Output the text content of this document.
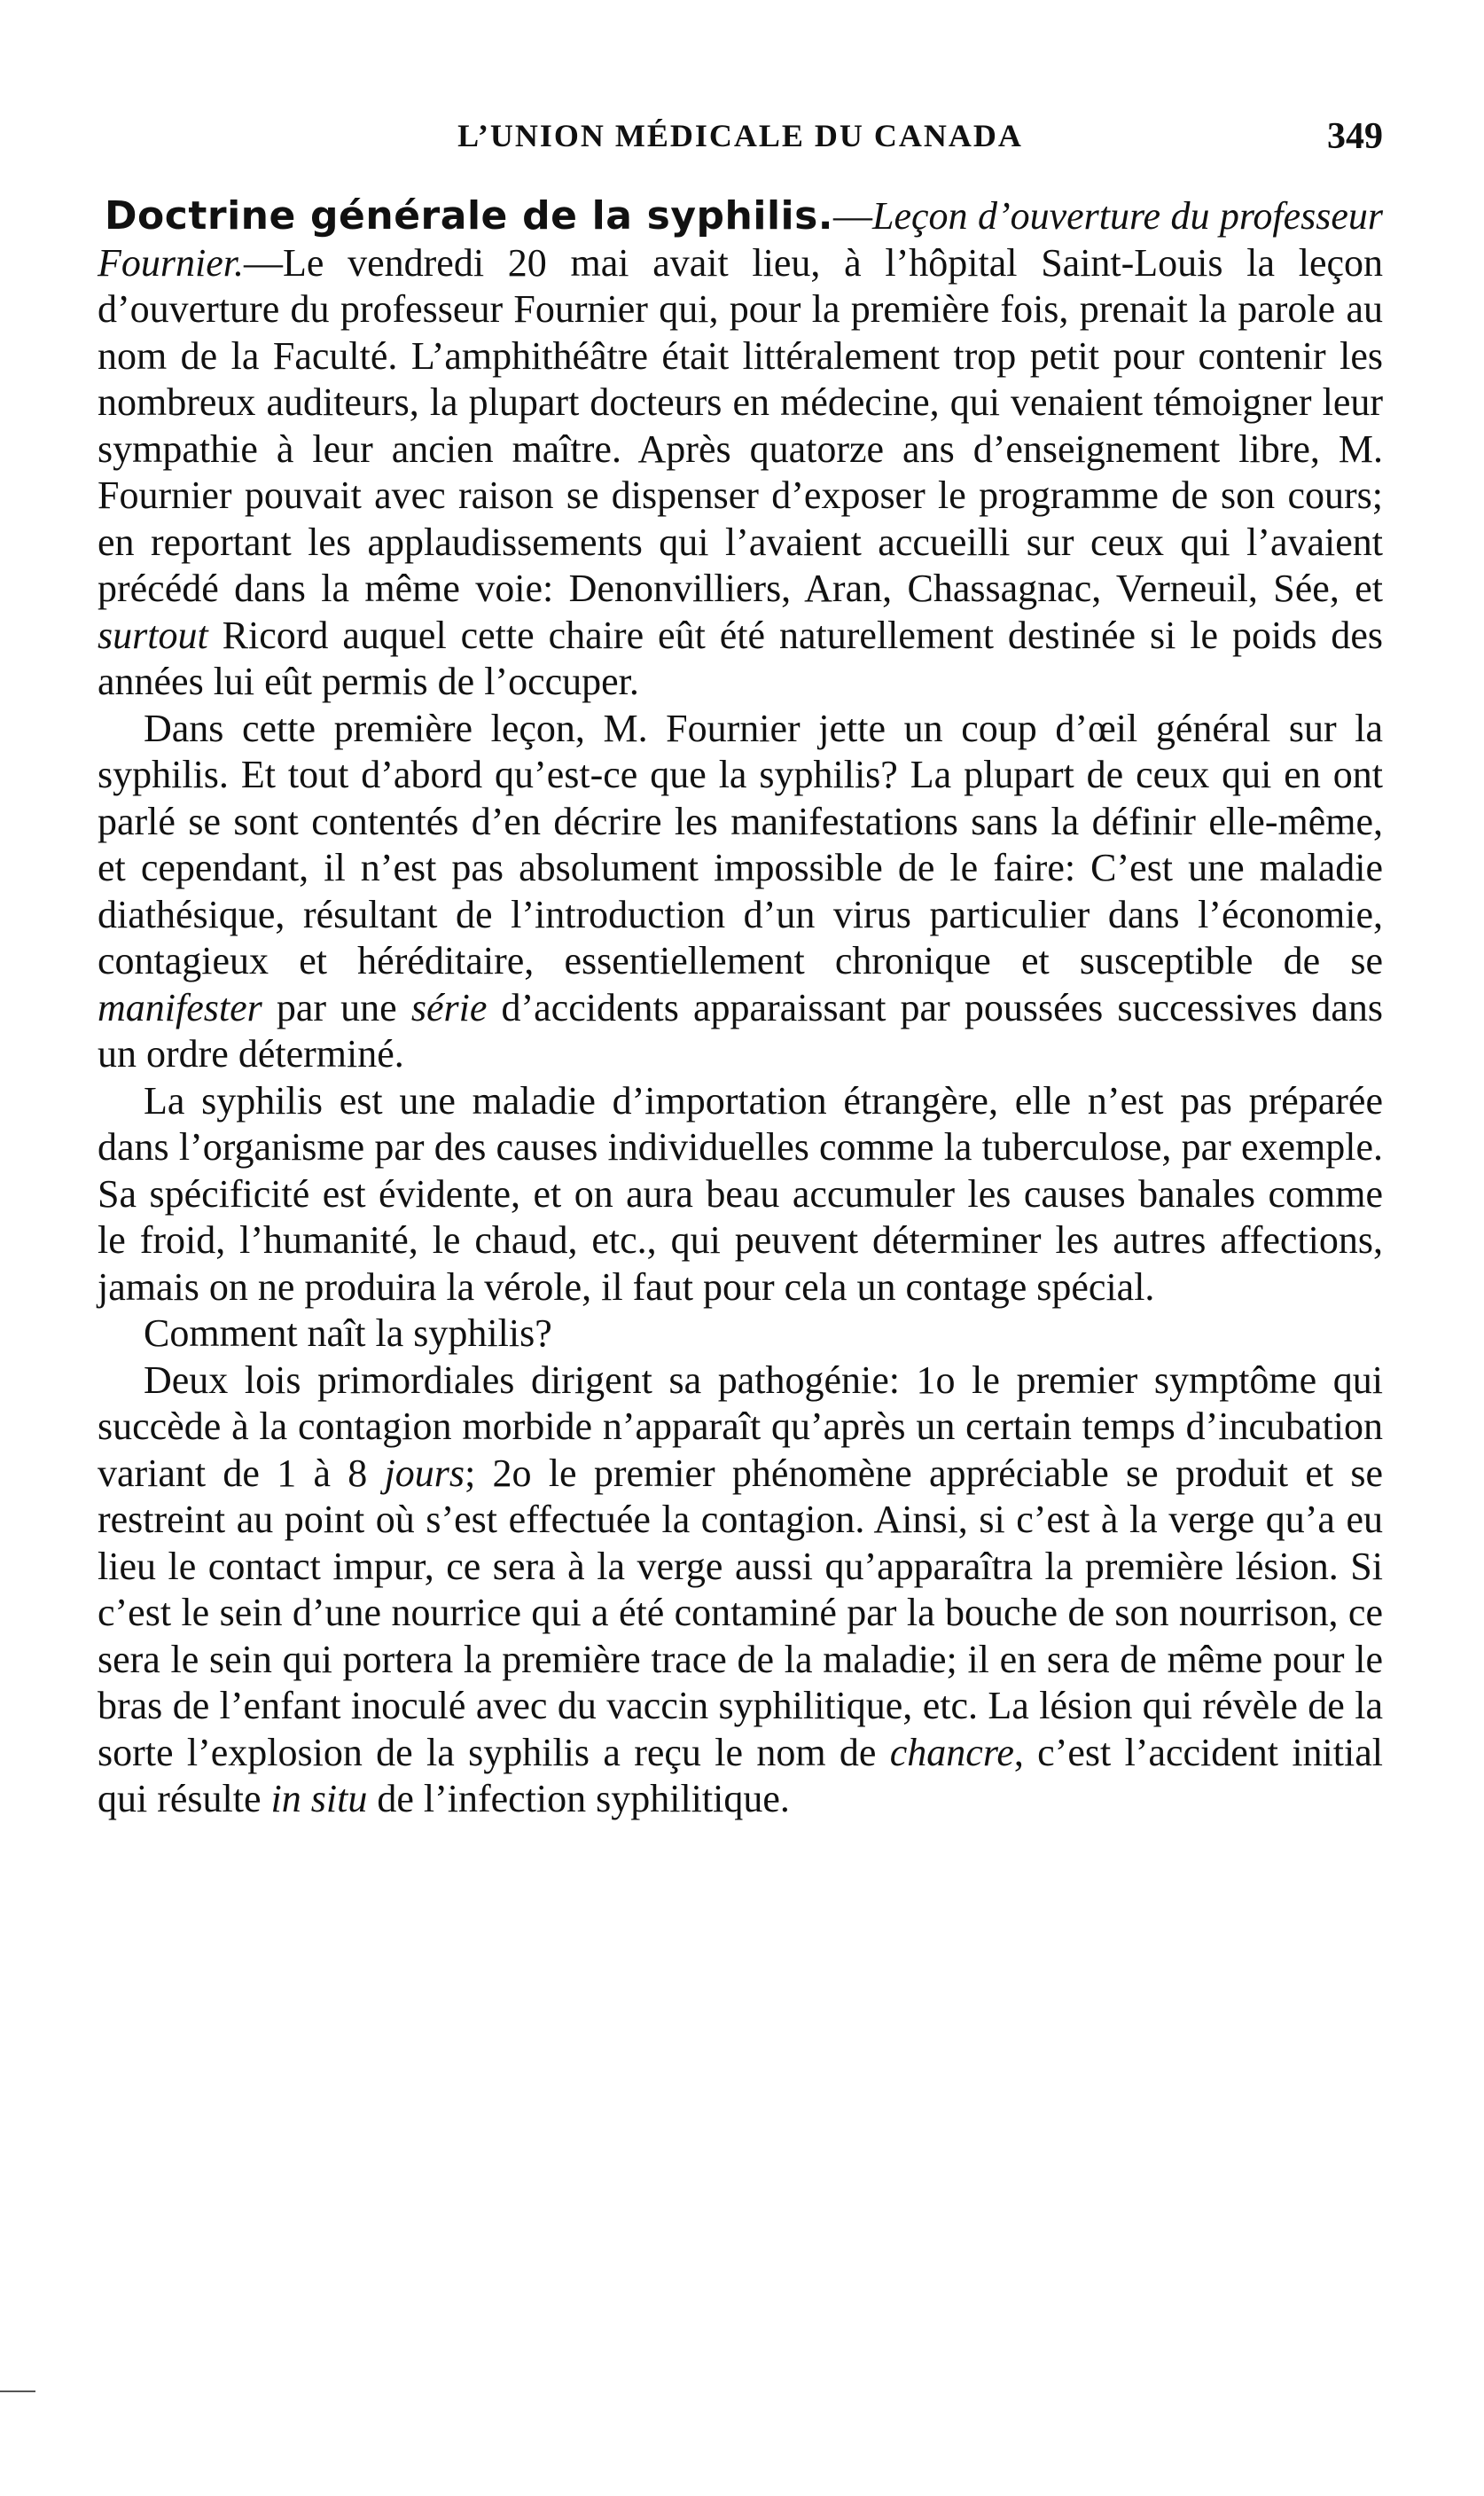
L’UNION MÉDICALE DU CANADA	349

Doctrine générale de la syphilis.—Leçon d’ouverture du professeur Fournier.—Le vendredi 20 mai avait lieu, à l’hôpital Saint-Louis la leçon d’ouverture du professeur Fournier qui, pour la première fois, prenait la parole au nom de la Faculté. L’amphithéâtre était littéralement trop petit pour contenir les nombreux auditeurs, la plupart docteurs en médecine, qui venaient témoigner leur sympathie à leur ancien maître. Après quatorze ans d’enseignement libre, M. Fournier pouvait avec raison se dispenser d’exposer le programme de son cours; en reportant les applaudissements qui l’avaient accueilli sur ceux qui l’avaient précédé dans la même voie: Denonvilliers, Aran, Chassagnac, Verneuil, Sée, et surtout Ricord auquel cette chaire eût été naturellement destinée si le poids des années lui eût permis de l’occuper.

Dans cette première leçon, M. Fournier jette un coup d’œil général sur la syphilis. Et tout d’abord qu’est-ce que la syphilis? La plupart de ceux qui en ont parlé se sont contentés d’en décrire les manifestations sans la définir elle-même, et cependant, il n’est pas absolument impossible de le faire: C’est une maladie diathésique, résultant de l’introduction d’un virus particulier dans l’économie, contagieux et héréditaire, essentiellement chronique et susceptible de se manifester par une série d’accidents apparaissant par poussées successives dans un ordre déterminé.

La syphilis est une maladie d’importation étrangère, elle n’est pas préparée dans l’organisme par des causes individuelles comme la tuberculose, par exemple. Sa spécificité est évidente, et on aura beau accumuler les causes banales comme le froid, l’humanité, le chaud, etc., qui peuvent déterminer les autres affections, jamais on ne produira la vérole, il faut pour cela un contage spécial.

Comment naît la syphilis?

Deux lois primordiales dirigent sa pathogénie: 1o le premier symptôme qui succède à la contagion morbide n’apparaît qu’après un certain temps d’incubation variant de 1 à 8 jours; 2o le premier phénomène appréciable se produit et se restreint au point où s’est effectuée la contagion. Ainsi, si c’est à la verge qu’a eu lieu le contact impur, ce sera à la verge aussi qu’apparaîtra la première lésion. Si c’est le sein d’une nourrice qui a été contaminé par la bouche de son nourrison, ce sera le sein qui portera la première trace de la maladie; il en sera de même pour le bras de l’enfant inoculé avec du vaccin syphilitique, etc. La lésion qui révèle de la sorte l’explosion de la syphilis a reçu le nom de chancre, c’est l’accident initial qui résulte in situ de l’infection syphilitique.
